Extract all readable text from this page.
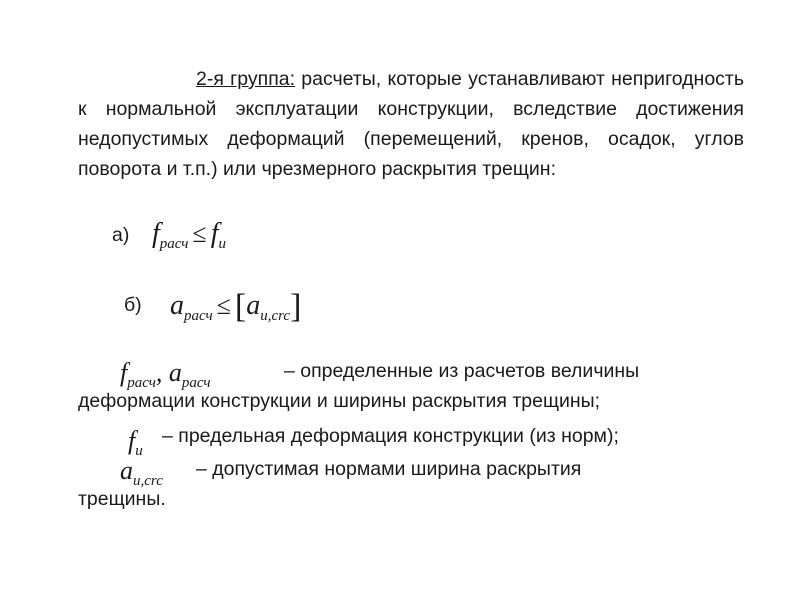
2-я группа: расчеты, которые устанавливают непригодность к нормальной эксплуатации конструкции, вследствие достижения недопустимых деформаций (перемещений, кренов, осадок, углов поворота и т.п.) или чрезмерного раскрытия трещин:
а) $f_{расч} \le f_u$
б) $a_{расч} \le [a_{u,crc}]$
$f_{расч}$, $a_{расч}$
– определенные из расчетов величины
деформации конструкции и ширины раскрытия трещины;
$f_u$
– предельная деформация конструкции (из норм);
$a_{u,crc}$
– допустимая нормами ширина раскрытия
трещины.
